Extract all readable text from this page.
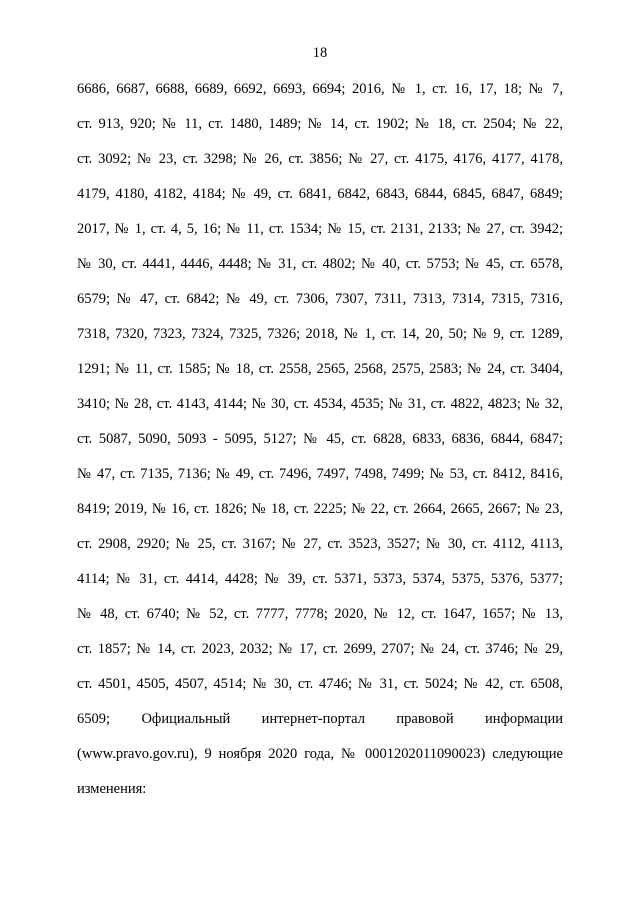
18
6686, 6687, 6688, 6689, 6692, 6693, 6694; 2016, № 1, ст. 16, 17, 18; № 7,
ст. 913, 920; № 11, ст. 1480, 1489; № 14, ст. 1902; № 18, ст. 2504; № 22,
ст. 3092; № 23, ст. 3298; № 26, ст. 3856; № 27, ст. 4175, 4176, 4177, 4178,
4179, 4180, 4182, 4184; № 49, ст. 6841, 6842, 6843, 6844, 6845, 6847, 6849;
2017, № 1, ст. 4, 5, 16; № 11, ст. 1534; № 15, ст. 2131, 2133; № 27, ст. 3942;
№ 30, ст. 4441, 4446, 4448; № 31, ст. 4802; № 40, ст. 5753; № 45, ст. 6578,
6579; № 47, ст. 6842; № 49, ст. 7306, 7307, 7311, 7313, 7314, 7315, 7316,
7318, 7320, 7323, 7324, 7325, 7326; 2018, № 1, ст. 14, 20, 50; № 9, ст. 1289,
1291; № 11, ст. 1585; № 18, ст. 2558, 2565, 2568, 2575, 2583; № 24, ст. 3404,
3410; № 28, ст. 4143, 4144; № 30, ст. 4534, 4535; № 31, ст. 4822, 4823; № 32,
ст. 5087, 5090, 5093 - 5095, 5127; № 45, ст. 6828, 6833, 6836, 6844, 6847;
№ 47, ст. 7135, 7136; № 49, ст. 7496, 7497, 7498, 7499; № 53, ст. 8412, 8416,
8419; 2019, № 16, ст. 1826; № 18, ст. 2225; № 22, ст. 2664, 2665, 2667; № 23,
ст. 2908, 2920; № 25, ст. 3167; № 27, ст. 3523, 3527; № 30, ст. 4112, 4113,
4114; № 31, ст. 4414, 4428; № 39, ст. 5371, 5373, 5374, 5375, 5376, 5377;
№ 48, ст. 6740; № 52, ст. 7777, 7778; 2020, № 12, ст. 1647, 1657; № 13,
ст. 1857; № 14, ст. 2023, 2032; № 17, ст. 2699, 2707; № 24, ст. 3746; № 29,
ст. 4501, 4505, 4507, 4514; № 30, ст. 4746; № 31, ст. 5024; № 42, ст. 6508,
6509; Официальный интернет-портал правовой информации
(www.pravo.gov.ru), 9 ноября 2020 года, № 0001202011090023) следующие
изменения:
